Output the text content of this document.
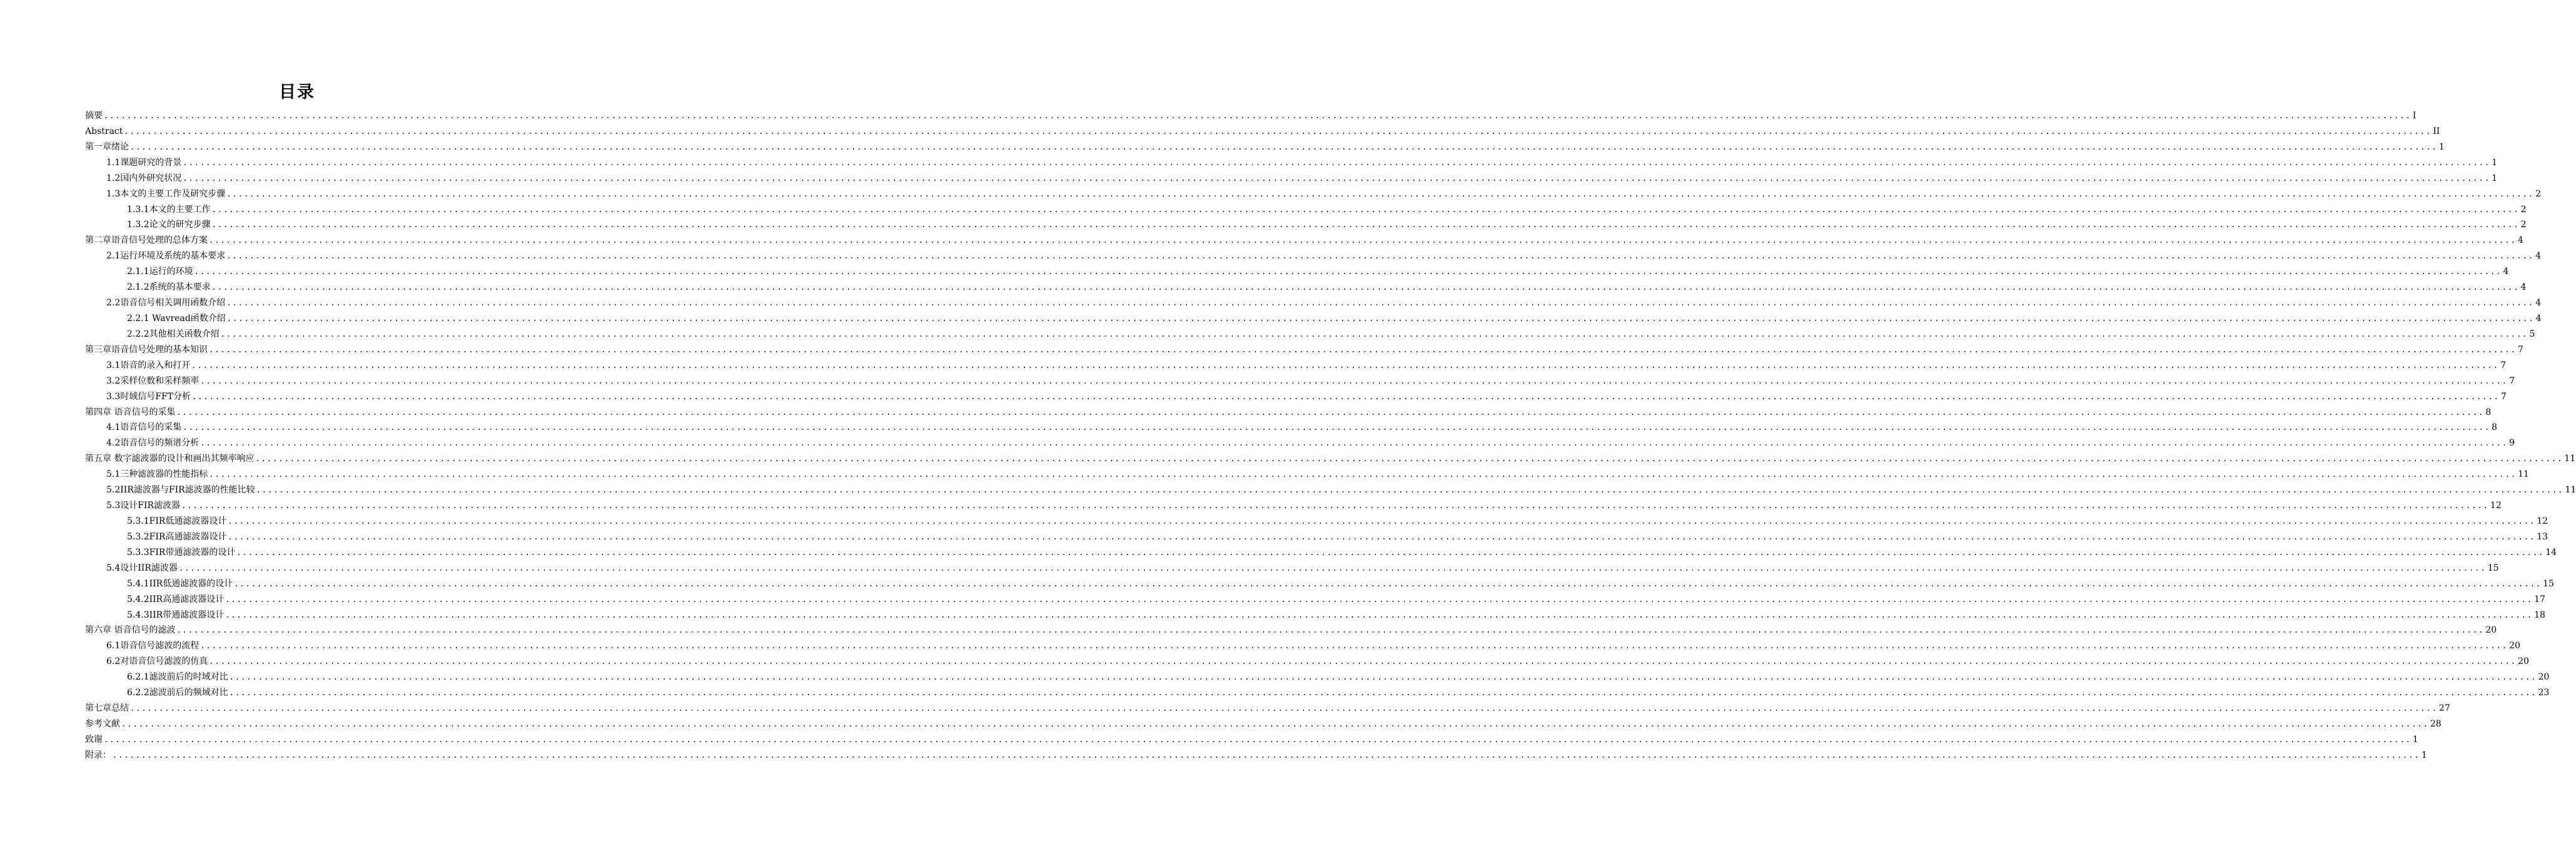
目录
摘要 ................................................................................................................................................................................................................................................................................................................................................................................................................ I
Abstract ................................................................................................................................................................................................................................................................................................................................................................................................................ II
第一章绪论 ................................................................................................................................................................................................................................................................................................................................................................................................................ 1
1.1课题研究的背景 ................................................................................................................................................................................................................................................................................................................................................................................................................ 1
1.2国内外研究状况 ................................................................................................................................................................................................................................................................................................................................................................................................................ 1
1.3本文的主要工作及研究步骤 ................................................................................................................................................................................................................................................................................................................................................................................................................ 2
1.3.1本文的主要工作 ................................................................................................................................................................................................................................................................................................................................................................................................................ 2
1.3.2论文的研究步骤 ................................................................................................................................................................................................................................................................................................................................................................................................................ 2
第二章语音信号处理的总体方案 ................................................................................................................................................................................................................................................................................................................................................................................................................ 4
2.1运行环境及系统的基本要求 ................................................................................................................................................................................................................................................................................................................................................................................................................ 4
2.1.1运行的环境 ................................................................................................................................................................................................................................................................................................................................................................................................................ 4
2.1.2系统的基本要求 ................................................................................................................................................................................................................................................................................................................................................................................................................ 4
2.2语音信号相关调用函数介绍 ................................................................................................................................................................................................................................................................................................................................................................................................................ 4
2.2.1 Wavread函数介绍 ................................................................................................................................................................................................................................................................................................................................................................................................................ 4
2.2.2其他相关函数介绍 ................................................................................................................................................................................................................................................................................................................................................................................................................ 5
第三章语音信号处理的基本知识 ................................................................................................................................................................................................................................................................................................................................................................................................................ 7
3.1语音的录入和打开 ................................................................................................................................................................................................................................................................................................................................................................................................................ 7
3.2采样位数和采样频率 ................................................................................................................................................................................................................................................................................................................................................................................................................ 7
3.3时域信号FFT分析 ................................................................................................................................................................................................................................................................................................................................................................................................................ 7
第四章 语音信号的采集 ................................................................................................................................................................................................................................................................................................................................................................................................................ 8
4.1语音信号的采集 ................................................................................................................................................................................................................................................................................................................................................................................................................ 8
4.2语音信号的频谱分析 ................................................................................................................................................................................................................................................................................................................................................................................................................ 9
第五章 数字滤波器的设计和画出其频率响应 ................................................................................................................................................................................................................................................................................................................................................................................................................ 11
5.1三种滤波器的性能指标 ................................................................................................................................................................................................................................................................................................................................................................................................................ 11
5.2IIR滤波器与FIR滤波器的性能比较 ................................................................................................................................................................................................................................................................................................................................................................................................................ 11
5.3设计FIR滤波器 ................................................................................................................................................................................................................................................................................................................................................................................................................ 12
5.3.1FIR低通滤波器设计 ................................................................................................................................................................................................................................................................................................................................................................................................................ 12
5.3.2FIR高通滤波器设计 ................................................................................................................................................................................................................................................................................................................................................................................................................ 13
5.3.3FIR带通滤波器的设计 ................................................................................................................................................................................................................................................................................................................................................................................................................ 14
5.4设计IIR滤波器 ................................................................................................................................................................................................................................................................................................................................................................................................................ 15
5.4.1IIR低通滤波器的设计 ................................................................................................................................................................................................................................................................................................................................................................................................................ 15
5.4.2IIR高通滤波器设计 ................................................................................................................................................................................................................................................................................................................................................................................................................ 17
5.4.3IIR带通滤波器设计 ................................................................................................................................................................................................................................................................................................................................................................................................................ 18
第六章 语音信号的滤波 ................................................................................................................................................................................................................................................................................................................................................................................................................ 20
6.1语音信号滤波的流程 ................................................................................................................................................................................................................................................................................................................................................................................................................ 20
6.2对语音信号滤波的仿真 ................................................................................................................................................................................................................................................................................................................................................................................................................ 20
6.2.1滤波前后的时域对比 ................................................................................................................................................................................................................................................................................................................................................................................................................ 20
6.2.2滤波前后的频域对比 ................................................................................................................................................................................................................................................................................................................................................................................................................ 23
第七章总结 ................................................................................................................................................................................................................................................................................................................................................................................................................ 27
参考文献 ................................................................................................................................................................................................................................................................................................................................................................................................................ 28
致谢 ................................................................................................................................................................................................................................................................................................................................................................................................................ 1
附录： ................................................................................................................................................................................................................................................................................................................................................................................................................ 1
